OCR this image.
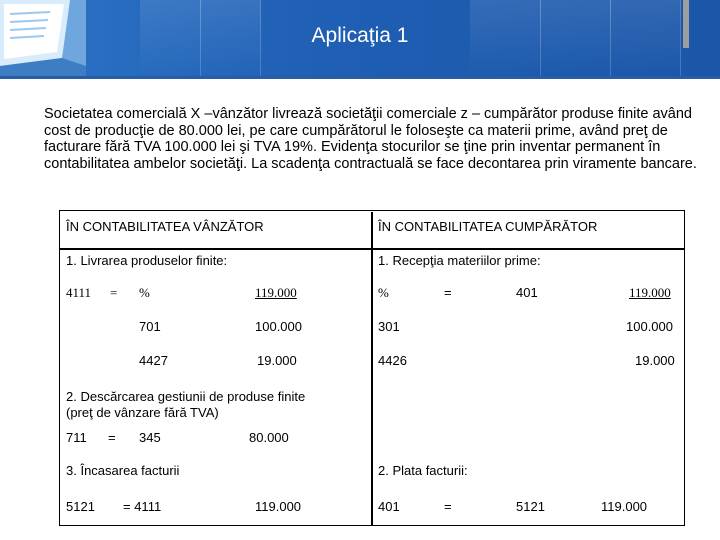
Aplicaţia 1
Societatea comercială X –vânzător livrează societăţii comerciale z – cumpărător produse finite având cost de producţie de 80.000 lei, pe care cumpărătorul le foloseşte ca materii prime, având preţ de facturare fără TVA 100.000 lei şi TVA 19%. Evidenţa stocurilor se ţine prin inventar permanent în contabilitatea ambelor societăţi. La scadenţa contractuală se face decontarea prin viramente bancare.
ÎN CONTABILITATEA VÂNZĂTOR
1. Livrarea produselor finite:
4111 = %	119.000
701	100.000
4427	19.000
2. Descărcarea gestiunii de produse finite
(preţ de vânzare fără TVA)
711 = 345	80.000
3. Încasarea facturii
5121 = 4111	119.000
ÎN CONTABILITATEA CUMPĂRĂTOR
1. Recepţia materiilor prime:
%	=	401	119.000
301	100.000
4426	19.000
2. Plata facturii:
401	=	5121	119.000
